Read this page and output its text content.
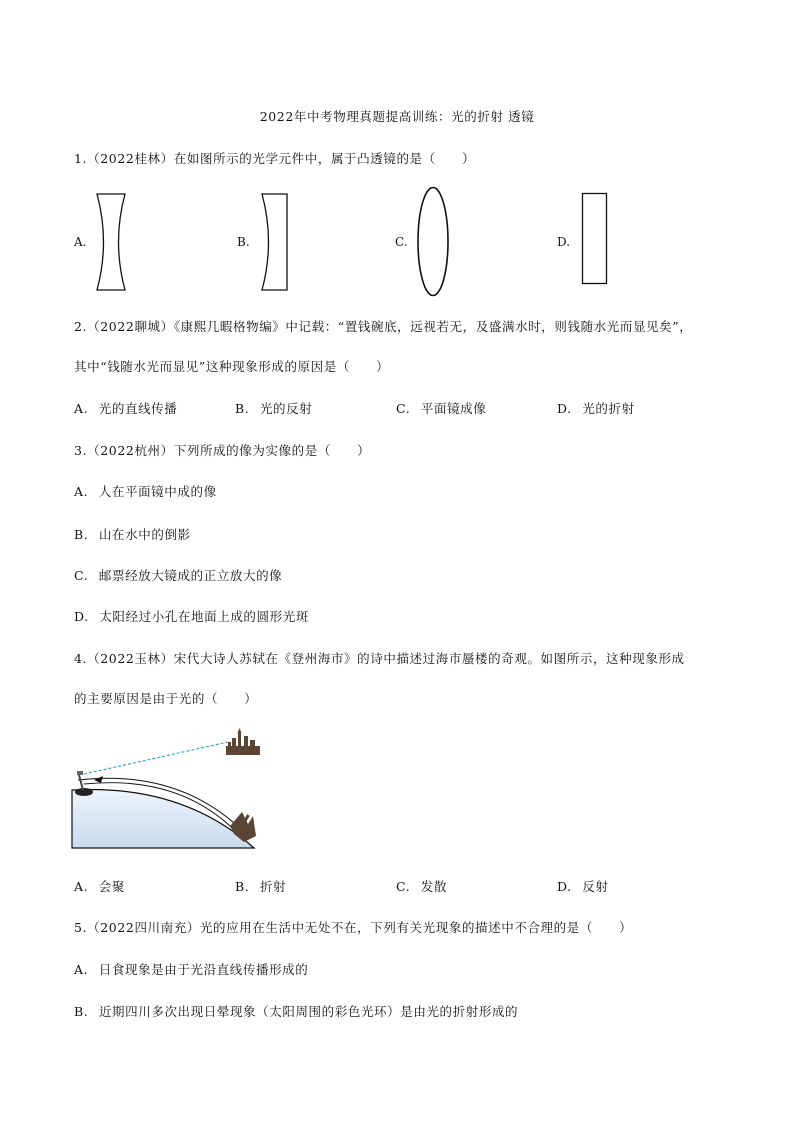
2022年中考物理真题提高训练：光的折射 透镜
1.（2022桂林）在如图所示的光学元件中，属于凸透镜的是（　　）
A.	B.	C.	D.
2.（2022聊城）《康熙几暇格物编》中记载：“置钱碗底，远视若无，及盛满水时，则钱随水光而显见矣”，
其中“钱随水光而显见”这种现象形成的原因是（　　）
A. 光的直线传播	B. 光的反射	C. 平面镜成像	D. 光的折射
3.（2022杭州）下列所成的像为实像的是（　　）
A. 人在平面镜中成的像
B. 山在水中的倒影
C. 邮票经放大镜成的正立放大的像
D. 太阳经过小孔在地面上成的圆形光斑
4.（2022玉林）宋代大诗人苏轼在《登州海市》的诗中描述过海市蜃楼的奇观。如图所示，这种现象形成
的主要原因是由于光的（　　）
A. 会聚	B. 折射	C. 发散	D. 反射
5.（2022四川南充）光的应用在生活中无处不在，下列有关光现象的描述中不合理的是（　　）
A. 日食现象是由于光沿直线传播形成的
B. 近期四川多次出现日晕现象（太阳周围的彩色光环）是由光的折射形成的
